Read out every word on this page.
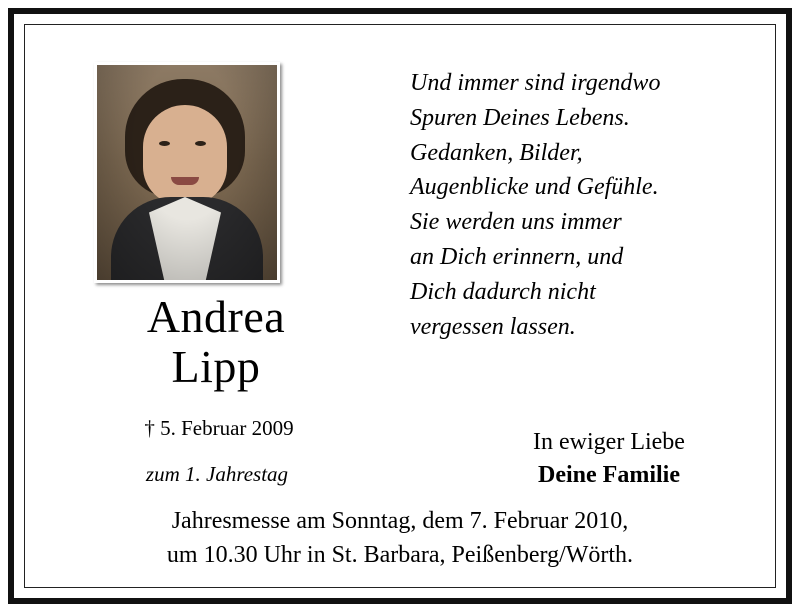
Andrea
Lipp
† 5. Februar 2009
zum 1. Jahrestag
Und immer sind irgendwo
Spuren Deines Lebens.
Gedanken, Bilder,
Augenblicke und Gefühle.
Sie werden uns immer
an Dich erinnern, und
Dich dadurch nicht
vergessen lassen.
In ewiger Liebe
Deine Familie
Jahresmesse am Sonntag, dem 7. Februar 2010,
um 10.30 Uhr in St. Barbara, Peißenberg/Wörth.
